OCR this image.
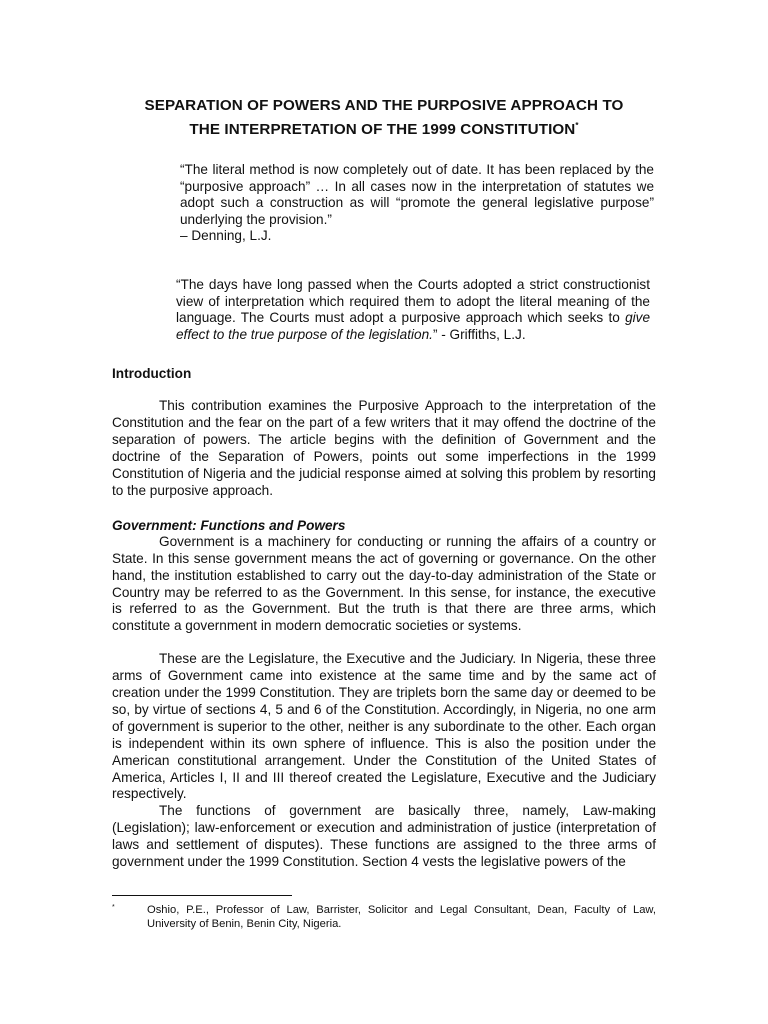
SEPARATION OF POWERS AND THE PURPOSIVE APPROACH TO
THE INTERPRETATION OF THE 1999 CONSTITUTION*

“The literal method is now completely out of date. It has been replaced by the “purposive approach” … In all cases now in the interpretation of statutes we adopt such a construction as will “promote the general legislative purpose” underlying the provision.”
– Denning, L.J.

“The days have long passed when the Courts adopted a strict constructionist view of interpretation which required them to adopt the literal meaning of the language. The Courts must adopt a purposive approach which seeks to give effect to the true purpose of the legislation.” - Griffiths, L.J.

Introduction

This contribution examines the Purposive Approach to the interpretation of the Constitution and the fear on the part of a few writers that it may offend the doctrine of the separation of powers. The article begins with the definition of Government and the doctrine of the Separation of Powers, points out some imperfections in the 1999 Constitution of Nigeria and the judicial response aimed at solving this problem by resorting to the purposive approach.

Government: Functions and Powers

Government is a machinery for conducting or running the affairs of a country or State. In this sense government means the act of governing or governance. On the other hand, the institution established to carry out the day-to-day administration of the State or Country may be referred to as the Government. In this sense, for instance, the executive is referred to as the Government. But the truth is that there are three arms, which constitute a government in modern democratic societies or systems.

These are the Legislature, the Executive and the Judiciary. In Nigeria, these three arms of Government came into existence at the same time and by the same act of creation under the 1999 Constitution. They are triplets born the same day or deemed to be so, by virtue of sections 4, 5 and 6 of the Constitution. Accordingly, in Nigeria, no one arm of government is superior to the other, neither is any subordinate to the other. Each organ is independent within its own sphere of influence. This is also the position under the American constitutional arrangement. Under the Constitution of the United States of America, Articles I, II and III thereof created the Legislature, Executive and the Judiciary respectively.

The functions of government are basically three, namely, Law-making (Legislation); law-enforcement or execution and administration of justice (interpretation of laws and settlement of disputes). These functions are assigned to the three arms of government under the 1999 Constitution. Section 4 vests the legislative powers of the

*	Oshio, P.E., Professor of Law, Barrister, Solicitor and Legal Consultant, Dean, Faculty of Law, University of Benin, Benin City, Nigeria.
